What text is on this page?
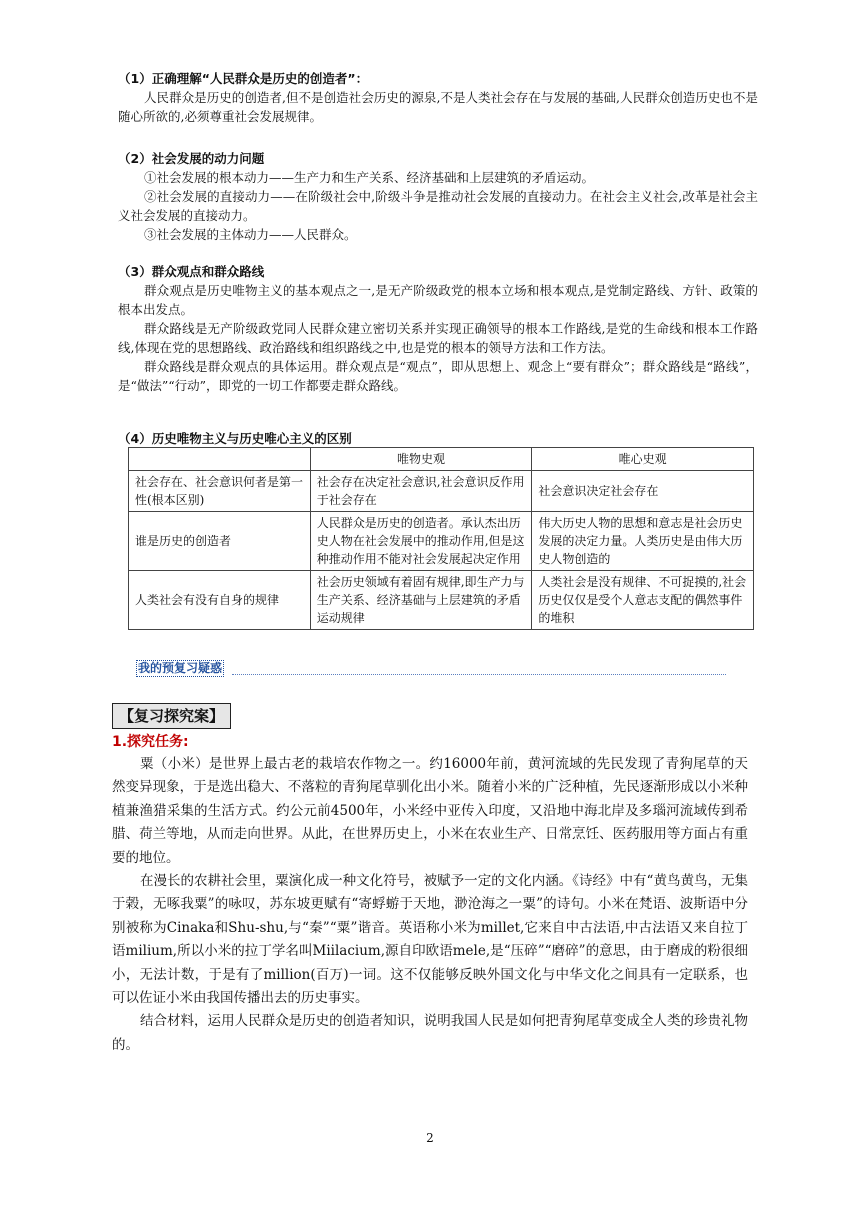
（1）正确理解“人民群众是历史的创造者”：

人民群众是历史的创造者,但不是创造社会历史的源泉,不是人类社会存在与发展的基础,人民群众创造历史也不是随心所欲的,必须尊重社会发展规律。

（2）社会发展的动力问题

①社会发展的根本动力——生产力和生产关系、经济基础和上层建筑的矛盾运动。

②社会发展的直接动力——在阶级社会中,阶级斗争是推动社会发展的直接动力。在社会主义社会,改革是社会主义社会发展的直接动力。

③社会发展的主体动力——人民群众。

（3）群众观点和群众路线

群众观点是历史唯物主义的基本观点之一,是无产阶级政党的根本立场和根本观点,是党制定路线、方针、政策的根本出发点。

群众路线是无产阶级政党同人民群众建立密切关系并实现正确领导的根本工作路线,是党的生命线和根本工作路线,体现在党的思想路线、政治路线和组织路线之中,也是党的根本的领导方法和工作方法。

群众路线是群众观点的具体运用。群众观点是“观点”，即从思想上、观念上“要有群众”；群众路线是“路线”，是“做法”“行动”，即党的一切工作都要走群众路线。

（4）历史唯物主义与历史唯心主义的区别
	唯物史观	唯心史观
社会存在、社会意识何者是第一性(根本区别)	社会存在决定社会意识,社会意识反作用于社会存在	社会意识决定社会存在
谁是历史的创造者	人民群众是历史的创造者。承认杰出历史人物在社会发展中的推动作用,但是这种推动作用不能对社会发展起决定作用	伟大历史人物的思想和意志是社会历史发展的决定力量。人类历史是由伟大历史人物创造的
人类社会有没有自身的规律	社会历史领域有着固有规律,即生产力与生产关系、经济基础与上层建筑的矛盾运动规律	人类社会是没有规律、不可捉摸的,社会历史仅仅是受个人意志支配的偶然事件的堆积
我的预复习疑惑
【复习探究案】
1.探究任务:

粟（小米）是世界上最古老的栽培农作物之一。约16000年前，黄河流域的先民发现了青狗尾草的天然变异现象，于是选出稳大、不落粒的青狗尾草驯化出小米。随着小米的广泛种植，先民逐渐形成以小米种植兼渔猎采集的生活方式。约公元前4500年，小米经中亚传入印度，又沿地中海北岸及多瑙河流域传到希腊、荷兰等地，从而走向世界。从此，在世界历史上，小米在农业生产、日常烹饪、医药服用等方面占有重要的地位。

在漫长的农耕社会里，粟演化成一种文化符号，被赋予一定的文化内涵。《诗经》中有“黄鸟黄鸟，无集于榖，无啄我粟”的咏叹，苏东坡更赋有“寄蜉蝣于天地，渺沧海之一粟”的诗句。小米在梵语、波斯语中分别被称为Cinaka和Shu-shu,与“秦”“粟”谐音。英语称小米为millet,它来自中古法语,中古法语又来自拉丁语milium,所以小米的拉丁学名叫Miilacium,源自印欧语mele,是“压碎”“磨碎”的意思，由于磨成的粉很细小，无法计数，于是有了million(百万)一词。这不仅能够反映外国文化与中华文化之间具有一定联系，也可以佐证小米由我国传播出去的历史事实。

结合材料，运用人民群众是历史的创造者知识，说明我国人民是如何把青狗尾草变成全人类的珍贵礼物的。

2
